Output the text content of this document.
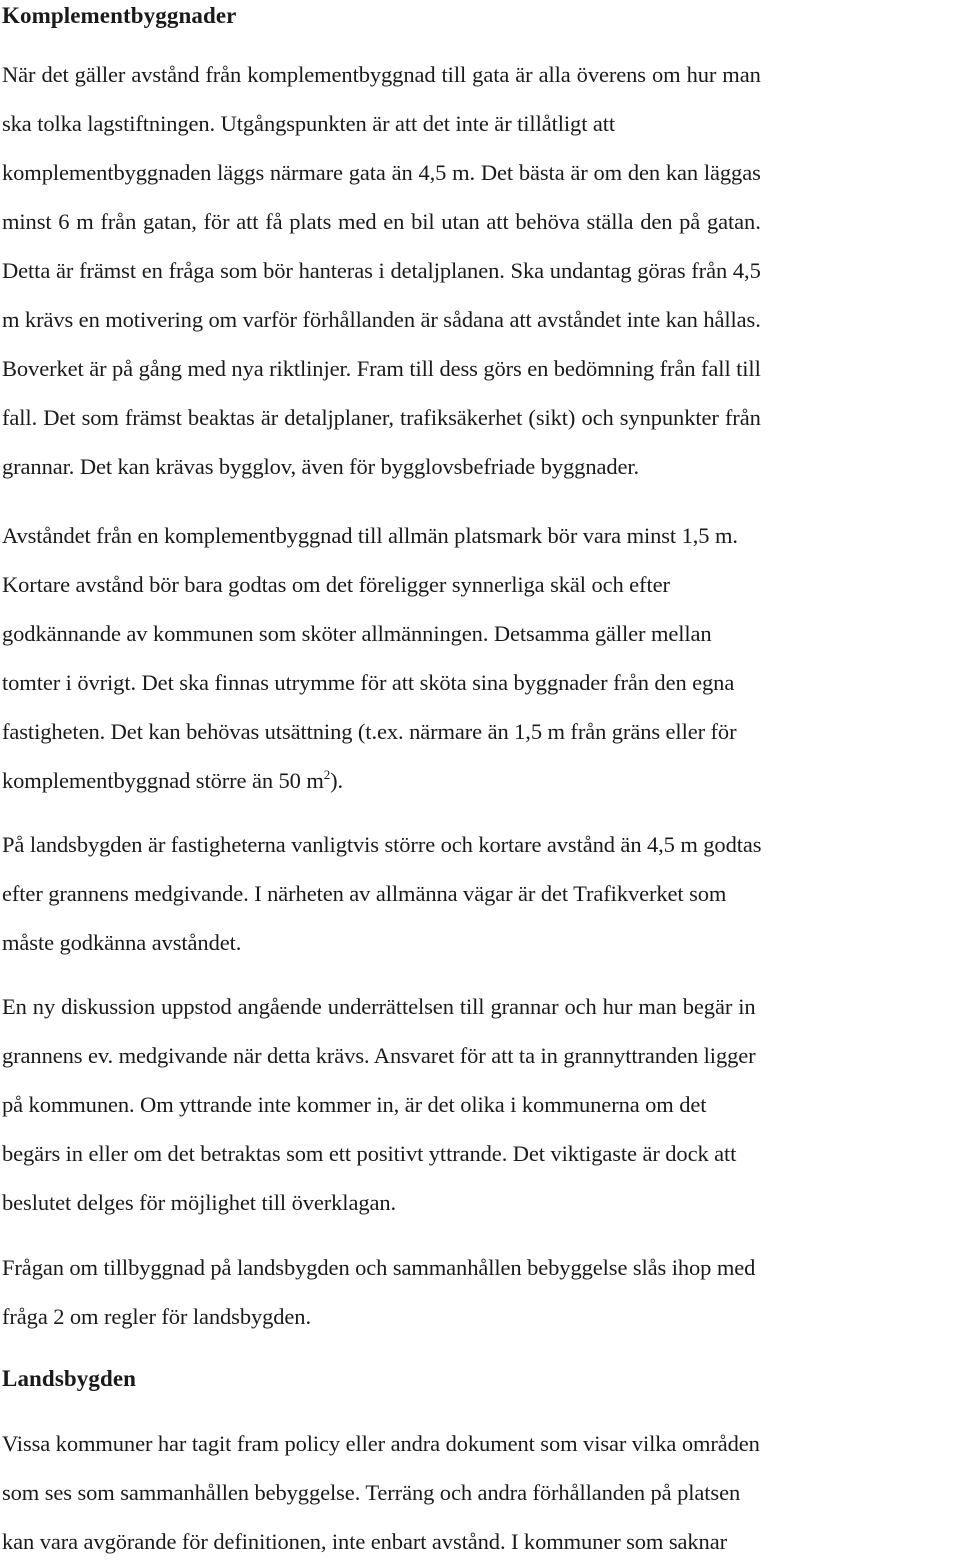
Komplementbyggnader

När det gäller avstånd från komplementbyggnad till gata är alla överens om hur man
ska tolka lagstiftningen. Utgångspunkten är att det inte är tillåtligt att
komplementbyggnaden läggs närmare gata än 4,5 m. Det bästa är om den kan läggas
minst 6 m från gatan, för att få plats med en bil utan att behöva ställa den på gatan.
Detta är främst en fråga som bör hanteras i detaljplanen. Ska undantag göras från 4,5
m krävs en motivering om varför förhållanden är sådana att avståndet inte kan hållas.
Boverket är på gång med nya riktlinjer. Fram till dess görs en bedömning från fall till
fall. Det som främst beaktas är detaljplaner, trafiksäkerhet (sikt) och synpunkter från
grannar. Det kan krävas bygglov, även för bygglovsbefriade byggnader.

Avståndet från en komplementbyggnad till allmän platsmark bör vara minst 1,5 m.
Kortare avstånd bör bara godtas om det föreligger synnerliga skäl och efter
godkännande av kommunen som sköter allmänningen. Detsamma gäller mellan
tomter i övrigt. Det ska finnas utrymme för att sköta sina byggnader från den egna
fastigheten. Det kan behövas utsättning (t.ex. närmare än 1,5 m från gräns eller för
komplementbyggnad större än 50 $m^2$).

På landsbygden är fastigheterna vanligtvis större och kortare avstånd än 4,5 m godtas
efter grannens medgivande. I närheten av allmänna vägar är det Trafikverket som
måste godkänna avståndet.

En ny diskussion uppstod angående underrättelsen till grannar och hur man begär in
grannens ev. medgivande när detta krävs. Ansvaret för att ta in grannyttranden ligger
på kommunen. Om yttrande inte kommer in, är det olika i kommunerna om det
begärs in eller om det betraktas som ett positivt yttrande. Det viktigaste är dock att
beslutet delges för möjlighet till överklagan.

Frågan om tillbyggnad på landsbygden och sammanhållen bebyggelse slås ihop med
fråga 2 om regler för landsbygden.

Landsbygden

Vissa kommuner har tagit fram policy eller andra dokument som visar vilka områden
som ses som sammanhållen bebyggelse. Terräng och andra förhållanden på platsen
kan vara avgörande för definitionen, inte enbart avstånd. I kommuner som saknar
